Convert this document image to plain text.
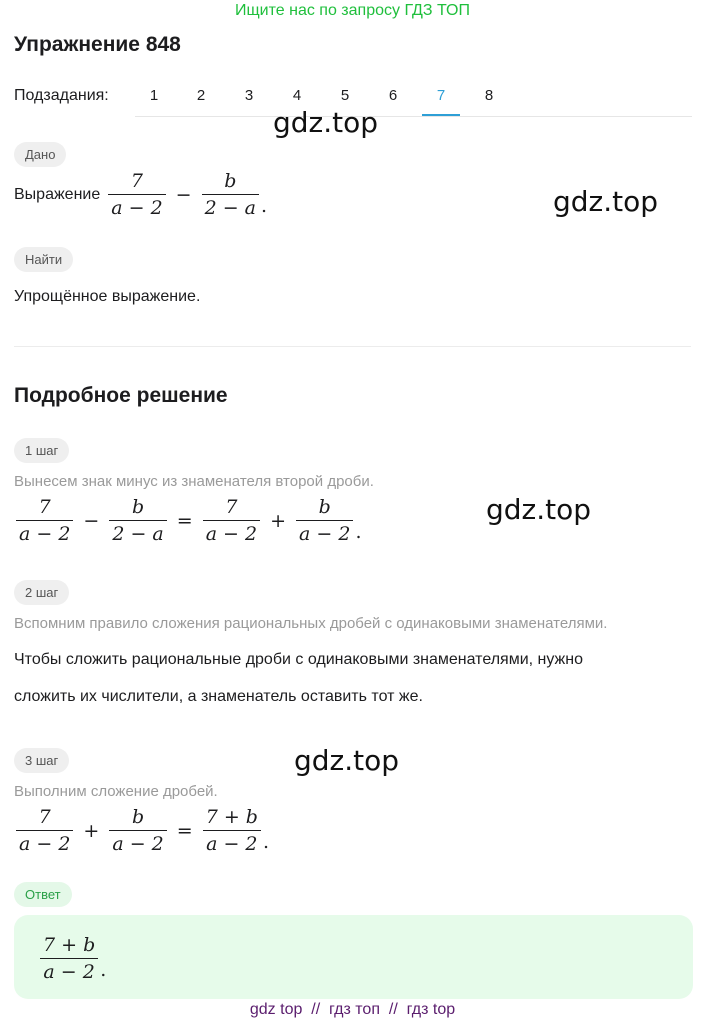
Ищите нас по запросу ГДЗ ТОП
Упражнение 848
Подзадания:	1	2	3	4	5	6	7	8
gdz.top
gdz.top
gdz.top
gdz.top
Дано
Выражение $\frac{7}{a - 2} - \frac{b}{2 - a}$ .
Найти
Упрощённое выражение.
Подробное решение
1 шаг
Вынесем знак минус из знаменателя второй дроби.
$\frac{7}{a - 2} - \frac{b}{2 - a} = \frac{7}{a - 2} + \frac{b}{a - 2}$ .
2 шаг
Вспомним правило сложения рациональных дробей с одинаковыми знаменателями.
Чтобы сложить рациональные дроби с одинаковыми знаменателями, нужно
сложить их числители, а знаменатель оставить тот же.
3 шаг
Выполним сложение дробей.
$\frac{7}{a - 2} + \frac{b}{a - 2} = \frac{7 + b}{a - 2}$ .
Ответ
$\frac{7 + b}{a - 2}$ .
gdz top  //  гдз топ  //  гдз top
